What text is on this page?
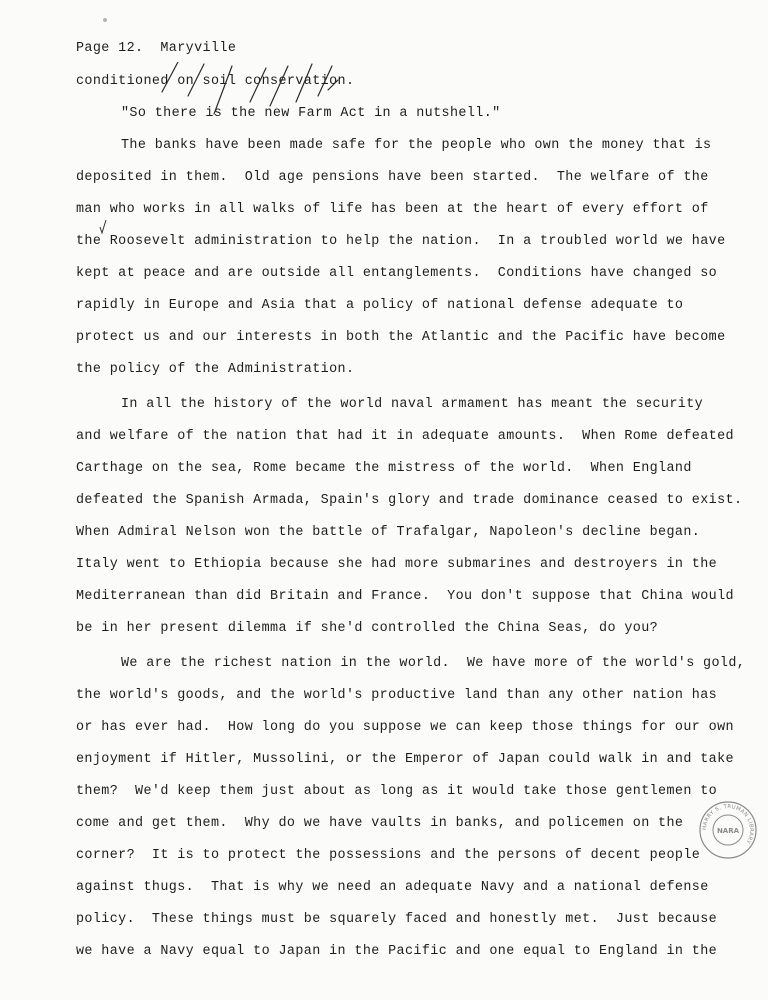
Page 12. Maryville
conditioned on soil conservation.
"So there is the new Farm Act in a nutshell."
The banks have been made safe for the people who own the money that is
deposited in them.  Old age pensions have been started.  The welfare of the
man who works in all walks of life has been at the heart of every effort of
the Roosevelt administration to help the nation.  In a troubled world we have
kept at peace and are outside all entanglements.  Conditions have changed so
rapidly in Europe and Asia that a policy of national defense adequate to
protect us and our interests in both the Atlantic and the Pacific have become
the policy of the Administration.
In all the history of the world naval armament has meant the security
and welfare of the nation that had it in adequate amounts.  When Rome defeated
Carthage on the sea, Rome became the mistress of the world.  When England
defeated the Spanish Armada, Spain's glory and trade dominance ceased to exist.
When Admiral Nelson won the battle of Trafalgar, Napoleon's decline began.
Italy went to Ethiopia because she had more submarines and destroyers in the
Mediterranean than did Britain and France.  You don't suppose that China would
be in her present dilemma if she'd controlled the China Seas, do you?
We are the richest nation in the world.  We have more of the world's gold,
the world's goods, and the world's productive land than any other nation has
or has ever had.  How long do you suppose we can keep those things for our own
enjoyment if Hitler, Mussolini, or the Emperor of Japan could walk in and take
them?  We'd keep them just about as long as it would take those gentlemen to
come and get them.  Why do we have vaults in banks, and policemen on the
corner?  It is to protect the possessions and the persons of decent people
against thugs.  That is why we need an adequate Navy and a national defense
policy.  These things must be squarely faced and honestly met.  Just because
we have a Navy equal to Japan in the Pacific and one equal to England in the
HARRY S. TRUMAN LIBRARY
NARA
